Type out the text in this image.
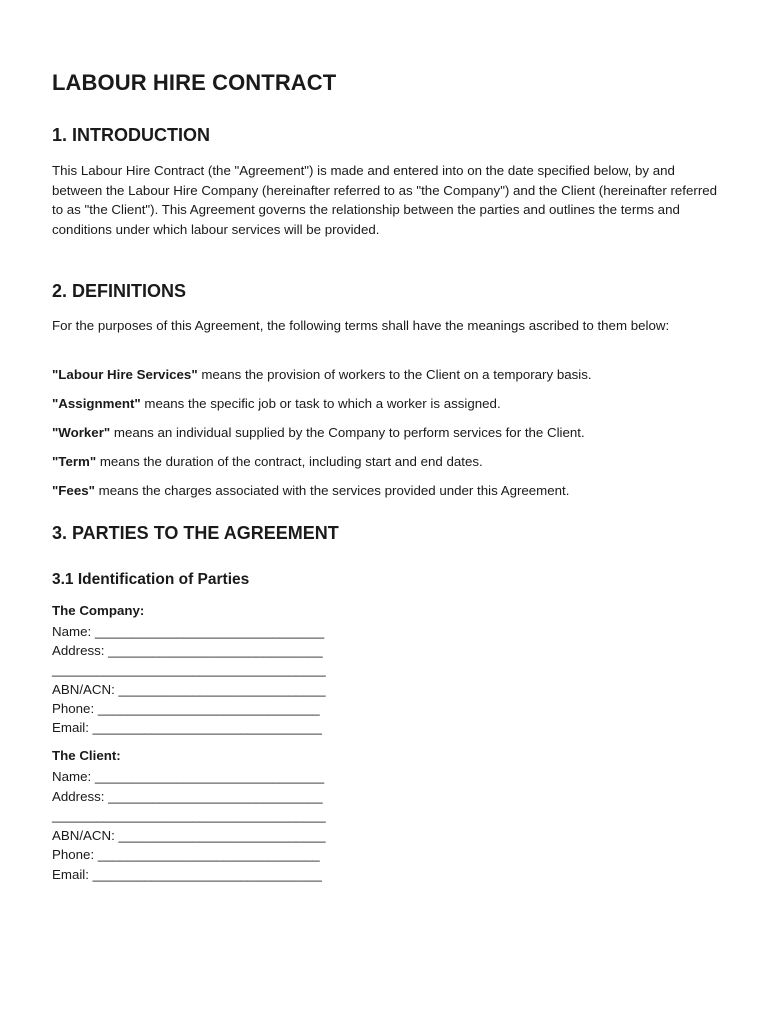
LABOUR HIRE CONTRACT
1. INTRODUCTION

This Labour Hire Contract (the "Agreement") is made and entered into on the date specified below, by and between the Labour Hire Company (hereinafter referred to as "the Company") and the Client (hereinafter referred to as "the Client"). This Agreement governs the relationship between the parties and outlines the terms and conditions under which labour services will be provided.

2. DEFINITIONS

For the purposes of this Agreement, the following terms shall have the meanings ascribed to them below:

"Labour Hire Services" means the provision of workers to the Client on a temporary basis.

"Assignment" means the specific job or task to which a worker is assigned.

"Worker" means an individual supplied by the Company to perform services for the Client.

"Term" means the duration of the contract, including start and end dates.

"Fees" means the charges associated with the services provided under this Agreement.

3. PARTIES TO THE AGREEMENT
3.1 Identification of Parties

The Company:

Name: _______________________________

Address: _____________________________

_____________________________________

ABN/ACN: ____________________________

Phone: ______________________________

Email: _______________________________

The Client:

Name: _______________________________

Address: _____________________________

_____________________________________

ABN/ACN: ____________________________

Phone: ______________________________

Email: _______________________________
